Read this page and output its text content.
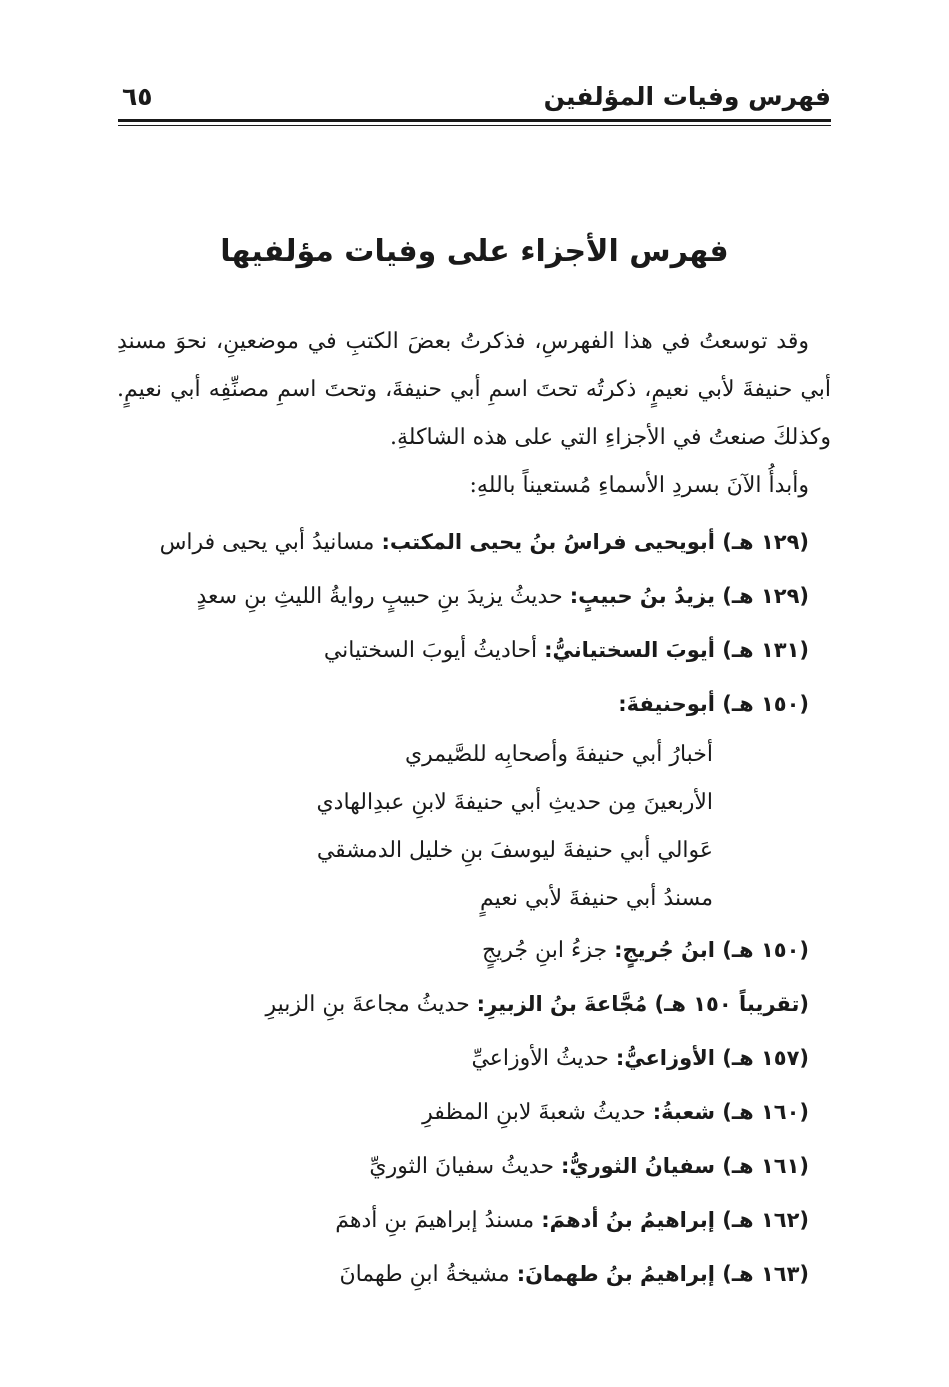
فهرس وفيات المؤلفين
٦٥
فهرس الأجزاء على وفيات مؤلفيها

وقد توسعتُ في هذا الفهرسِ، فذكرتُ بعضَ الكتبِ في موضعينِ، نحوَ مسندِ أبي حنيفةَ لأبي نعيمٍ، ذكرتُه تحتَ اسمِ أبي حنيفةَ، وتحتَ اسمِ مصنِّفِه أبي نعيمٍ. وكذلكَ صنعتُ في الأجزاءِ التي على هذه الشاكلةِ.

وأبدأُ الآنَ بسردِ الأسماءِ مُستعيناً باللهِ:

(١٢٩ هـ) أبويحيى فراسُ بنُ يحيى المكتب: مسانيدُ أبي يحيى فراس
(١٢٩ هـ) يزيدُ بنُ حبيبٍ: حديثُ يزيدَ بنِ حبيبٍ روايةُ الليثِ بنِ سعدٍ
(١٣١ هـ) أيوبَ السختيانيُّ: أحاديثُ أيوبَ السختياني
(١٥٠ هـ) أبوحنيفةَ:
أخبارُ أبي حنيفةَ وأصحابِه للصَّيمري
الأربعينَ مِن حديثِ أبي حنيفةَ لابنِ عبدِالهادي
عَوالي أبي حنيفةَ ليوسفَ بنِ خليل الدمشقي
مسندُ أبي حنيفةَ لأبي نعيمٍ
(١٥٠ هـ) ابنُ جُريجٍ: جزءُ ابنِ جُريجٍ
(تقريباً ١٥٠ هـ) مُجَّاعةَ بنُ الزبيرِ: حديثُ مجاعةَ بنِ الزبيرِ
(١٥٧ هـ) الأوزاعيُّ: حديثُ الأوزاعيِّ
(١٦٠ هـ) شعبةُ: حديثُ شعبةَ لابنِ المظفرِ
(١٦١ هـ) سفيانُ الثوريُّ: حديثُ سفيانَ الثوريِّ
(١٦٢ هـ) إبراهيمُ بنُ أدهمَ: مسندُ إبراهيمَ بنِ أدهمَ
(١٦٣ هـ) إبراهيمُ بنُ طهمانَ: مشيخةُ ابنِ طهمانَ
